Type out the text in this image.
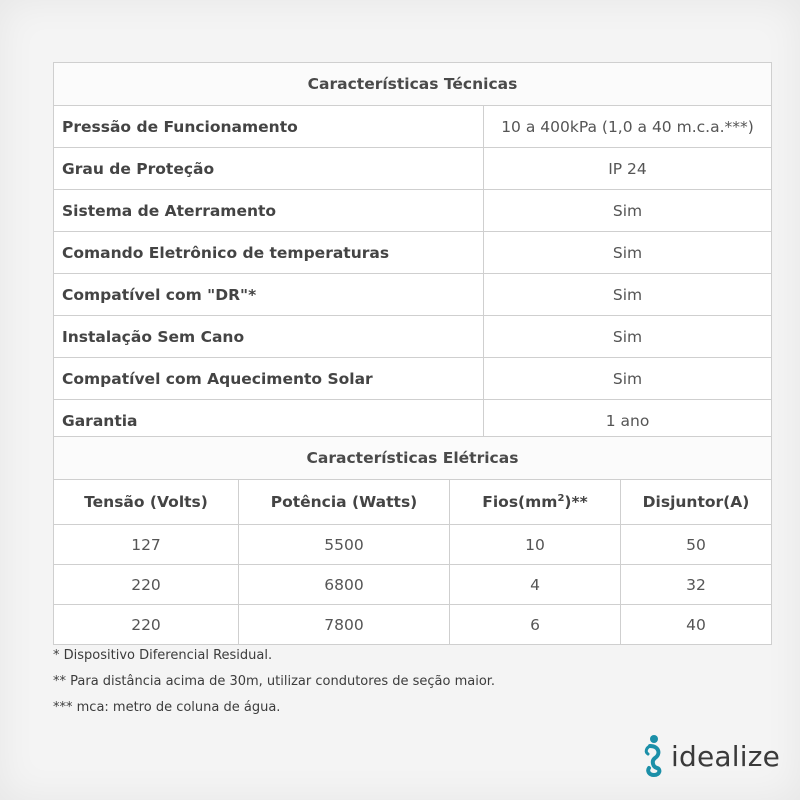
Características Técnicas	
Pressão de Funcionamento	10 a 400kPa (1,0 a 40 m.c.a.***)
Grau de Proteção	IP 24
Sistema de Aterramento	Sim
Comando Eletrônico de temperaturas	Sim
Compatível com "DR"*	Sim
Instalação Sem Cano	Sim
Compatível com Aquecimento Solar	Sim
Garantia	1 ano
Características Elétricas			
Tensão (Volts)	Potência (Watts)	$Fios(mm^2)**$	Disjuntor(A)
127	5500	10	50
220	6800	4	32
220	7800	6	40
* Dispositivo Diferencial Residual.
** Para distância acima de 30m, utilizar condutores de seção maior.
*** mca: metro de coluna de água.
idealize
